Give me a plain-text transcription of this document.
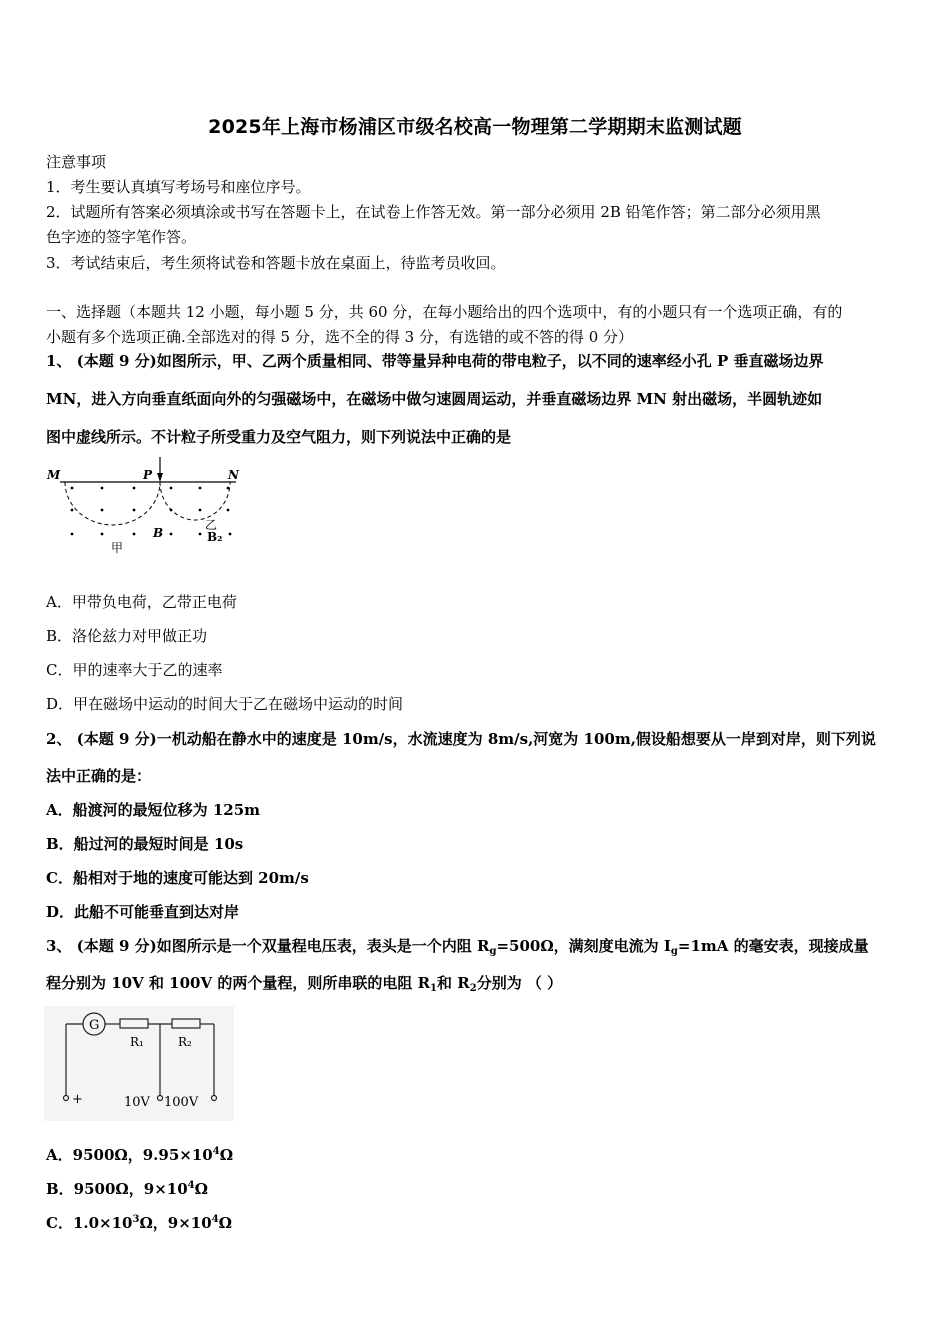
2025年上海市杨浦区市级名校高一物理第二学期期末监测试题
注意事项
1．考生要认真填写考场号和座位序号。
2．试题所有答案必须填涂或书写在答题卡上，在试卷上作答无效。第一部分必须用 2B 铅笔作答；第二部分必须用黑
色字迹的签字笔作答。
3．考试结束后，考生须将试卷和答题卡放在桌面上，待监考员收回。
一、选择题（本题共 12 小题，每小题 5 分，共 60 分，在每小题给出的四个选项中，有的小题只有一个选项正确，有的
小题有多个选项正确.全部选对的得 5 分，选不全的得 3 分，有选错的或不答的得 0 分）
1、 (本题 9 分)如图所示，甲、乙两个质量相同、带等量异种电荷的带电粒子，以不同的速率经小孔 P 垂直磁场边界
MN，进入方向垂直纸面向外的匀强磁场中，在磁场中做匀速圆周运动，并垂直磁场边界 MN 射出磁场，半圆轨迹如
图中虚线所示。不计粒子所受重力及空气阻力，则下列说法中正确的是
M	P	N
B
甲
乙
B₂
A．甲带负电荷，乙带正电荷
B．洛伦兹力对甲做正功
C．甲的速率大于乙的速率
D．甲在磁场中运动的时间大于乙在磁场中运动的时间
2、 (本题 9 分)一机动船在静水中的速度是 10m/s，水流速度为 8m/s,河宽为 100m,假设船想要从一岸到对岸，则下列说
法中正确的是：
A．船渡河的最短位移为 125m
B．船过河的最短时间是 10s
C．船相对于地的速度可能达到 20m/s
D．此船不可能垂直到达对岸
3、 (本题 9 分)如图所示是一个双量程电压表，表头是一个内阻 $R_g=500\Omega$，满刻度电流为 $I_g=1mA$ 的毫安表，现接成量
程分别为 10V 和 100V 的两个量程，则所串联的电阻 $R_1$和 $R_2$分别为 （ ）
G
R₁	R₂
+	10V 100V
A．9500Ω，$9.95\times 10^4\Omega$
B．9500Ω，$9\times 10^4\Omega$
C．$1.0\times 10^3\Omega$，$9\times 10^4\Omega$
